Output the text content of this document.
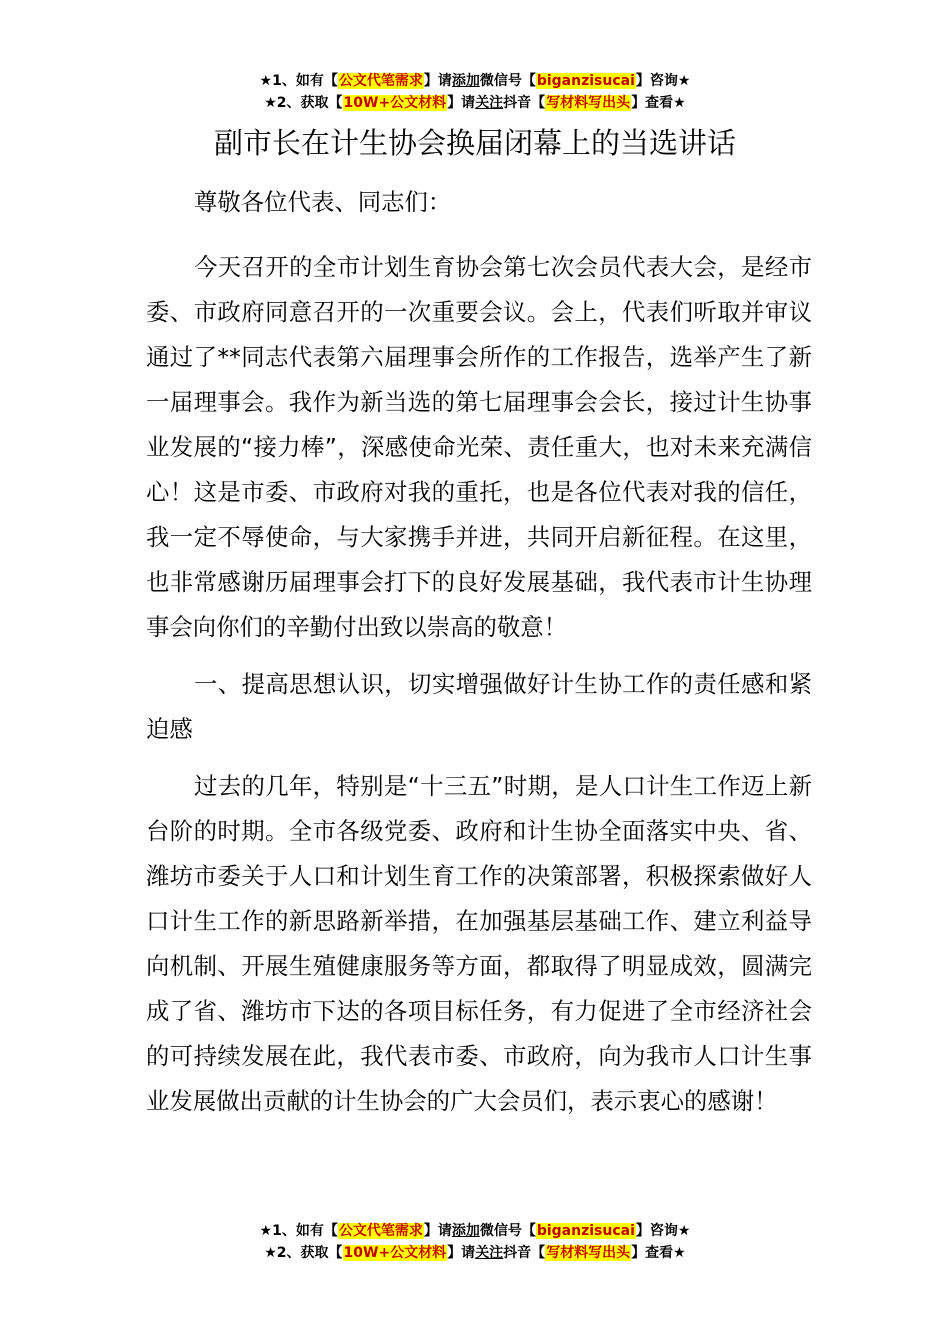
★1、如有【公文代笔需求】请添加微信号【biganzisucai】咨询★
★2、获取【10W+公文材料】请关注抖音【写材料写出头】查看★
副市长在计生协会换届闭幕上的当选讲话

尊敬各位代表、同志们：

今天召开的全市计划生育协会第七次会员代表大会，是经市委、市政府同意召开的一次重要会议。会上，代表们听取并审议通过了**同志代表第六届理事会所作的工作报告，选举产生了新一届理事会。我作为新当选的第七届理事会会长，接过计生协事业发展的“接力棒”，深感使命光荣、责任重大，也对未来充满信心！这是市委、市政府对我的重托，也是各位代表对我的信任，我一定不辱使命，与大家携手并进，共同开启新征程。在这里，也非常感谢历届理事会打下的良好发展基础，我代表市计生协理事会向你们的辛勤付出致以崇高的敬意！

一、提高思想认识，切实增强做好计生协工作的责任感和紧迫感

过去的几年，特别是“十三五”时期，是人口计生工作迈上新台阶的时期。全市各级党委、政府和计生协全面落实中央、省、潍坊市委关于人口和计划生育工作的决策部署，积极探索做好人口计生工作的新思路新举措，在加强基层基础工作、建立利益导向机制、开展生殖健康服务等方面，都取得了明显成效，圆满完成了省、潍坊市下达的各项目标任务，有力促进了全市经济社会的可持续发展在此，我代表市委、市政府，向为我市人口计生事业发展做出贡献的计生协会的广大会员们，表示衷心的感谢！

★1、如有【公文代笔需求】请添加微信号【biganzisucai】咨询★
★2、获取【10W+公文材料】请关注抖音【写材料写出头】查看★
